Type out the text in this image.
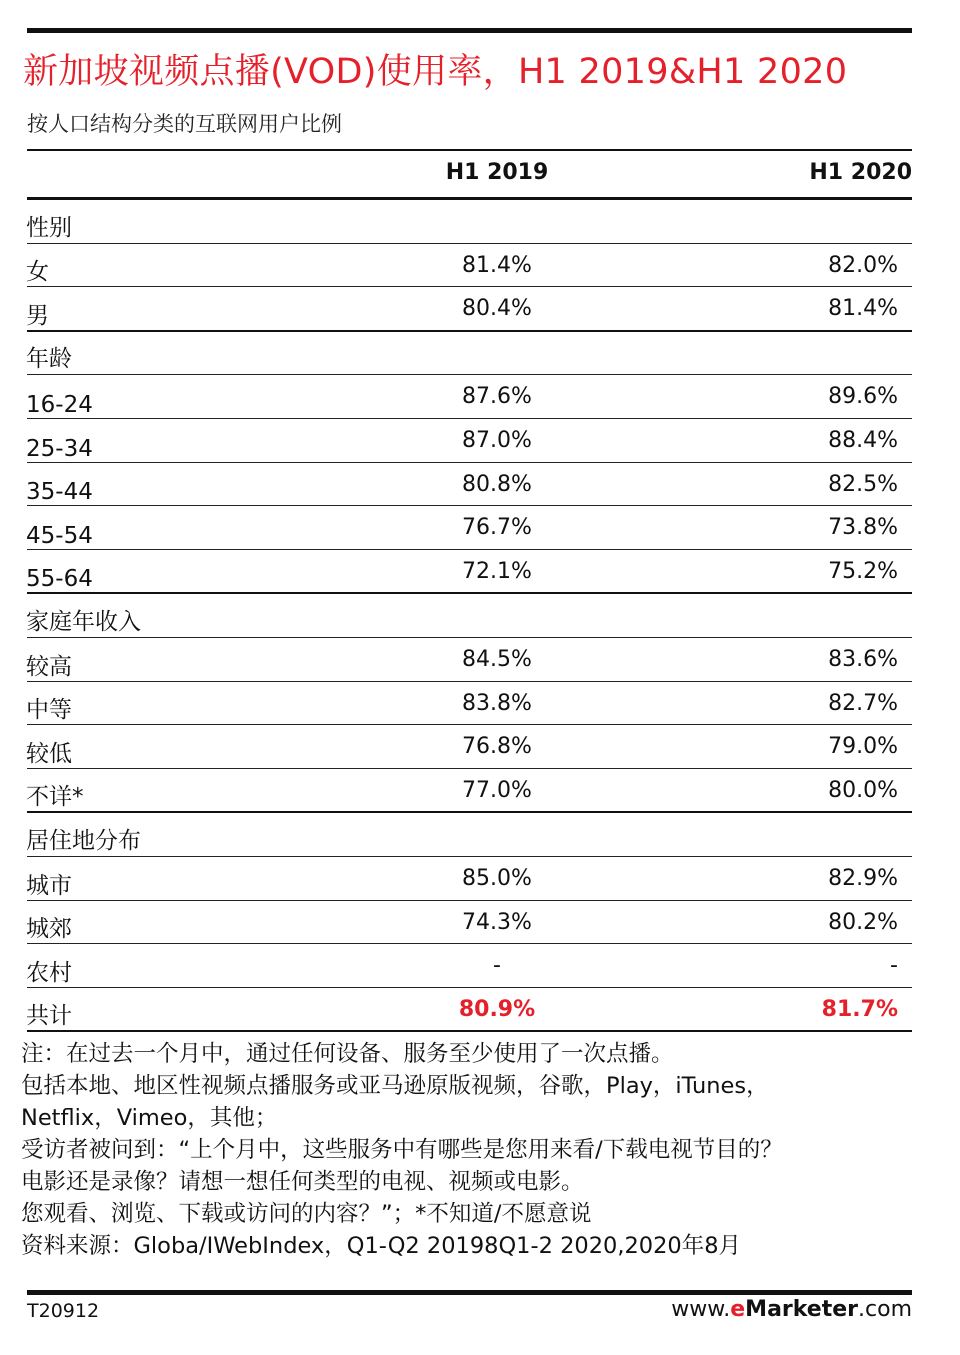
新加坡视频点播(VOD)使用率，H1 2019&H1 2020
按人口结构分类的互联网用户比例
H1 2019	H1 2020
性别
女	81.4%	82.0%
男	80.4%	81.4%
年龄
16-24	87.6%	89.6%
25-34	87.0%	88.4%
35-44	80.8%	82.5%
45-54	76.7%	73.8%
55-64	72.1%	75.2%
家庭年收入
较高	84.5%	83.6%
中等	83.8%	82.7%
较低	76.8%	79.0%
不详*	77.0%	80.0%
居住地分布
城市	85.0%	82.9%
城郊	74.3%	80.2%
农村	-	-
共计	80.9%	81.7%
注：在过去一个月中，通过任何设备、服务至少使用了一次点播。
包括本地、地区性视频点播服务或亚马逊原版视频，谷歌，Play，iTunes，
Netflix，Vimeo，其他；
受访者被问到：“上个月中，这些服务中有哪些是您用来看/下载电视节目的？
电影还是录像？请想一想任何类型的电视、视频或电影。
您观看、浏览、下载或访问的内容？”；*不知道/不愿意说
资料来源：Globa/IWebIndex，Q1-Q2 20198Q1-2 2020,2020年8月
T20912	www.eMarketer.com
